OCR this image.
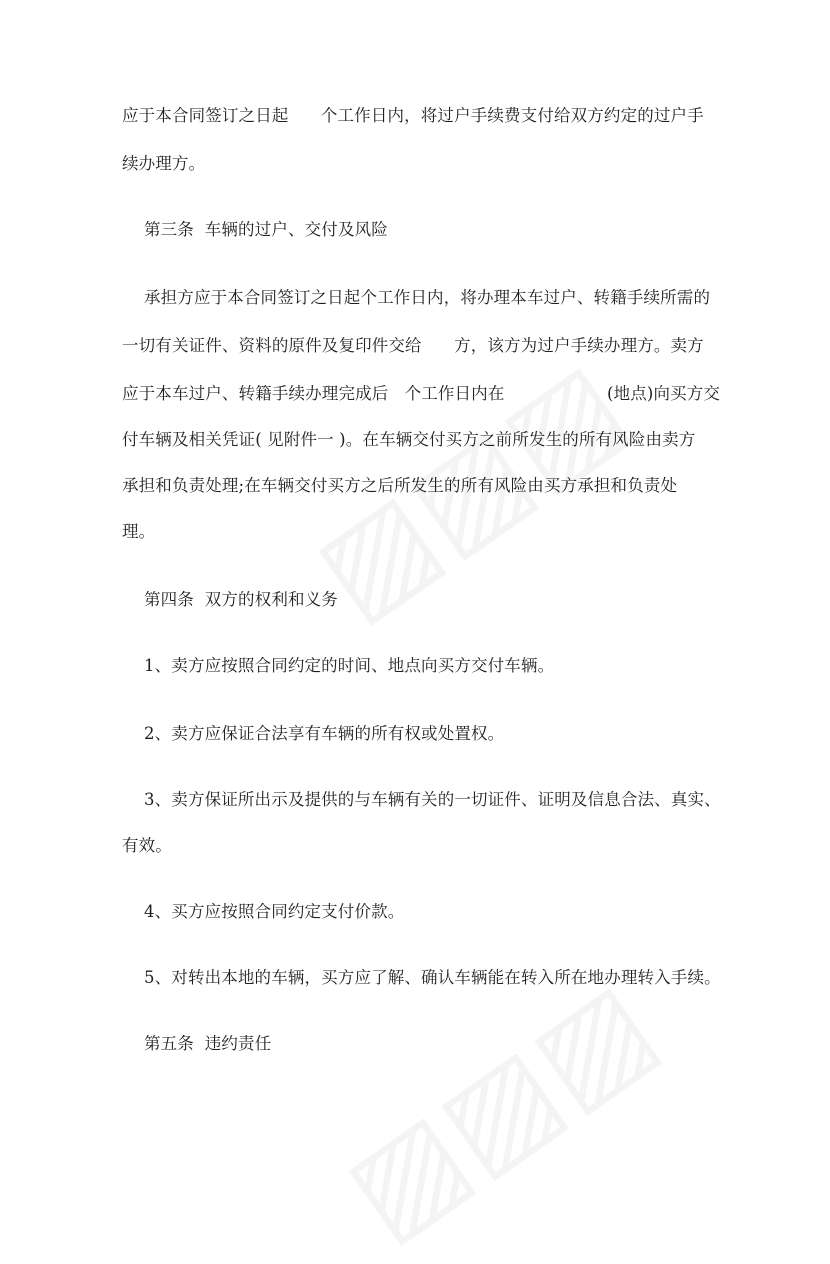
应于本合同签订之日起      个工作日内，将过户手续费支付给双方约定的过户手
续办理方。
第三条  车辆的过户、交付及风险
承担方应于本合同签订之日起个工作日内，将办理本车过户、转籍手续所需的
一切有关证件、资料的原件及复印件交给      方，该方为过户手续办理方。卖方
应于本车过户、转籍手续办理完成后   个工作日内在                   (地点)向买方交
付车辆及相关凭证( 见附件一 )。在车辆交付买方之前所发生的所有风险由卖方
承担和负责处理;在车辆交付买方之后所发生的所有风险由买方承担和负责处
理。
第四条  双方的权利和义务
1、卖方应按照合同约定的时间、地点向买方交付车辆。
2、卖方应保证合法享有车辆的所有权或处置权。
3、卖方保证所出示及提供的与车辆有关的一切证件、证明及信息合法、真实、
有效。
4、买方应按照合同约定支付价款。
5、对转出本地的车辆，买方应了解、确认车辆能在转入所在地办理转入手续。
第五条  违约责任
